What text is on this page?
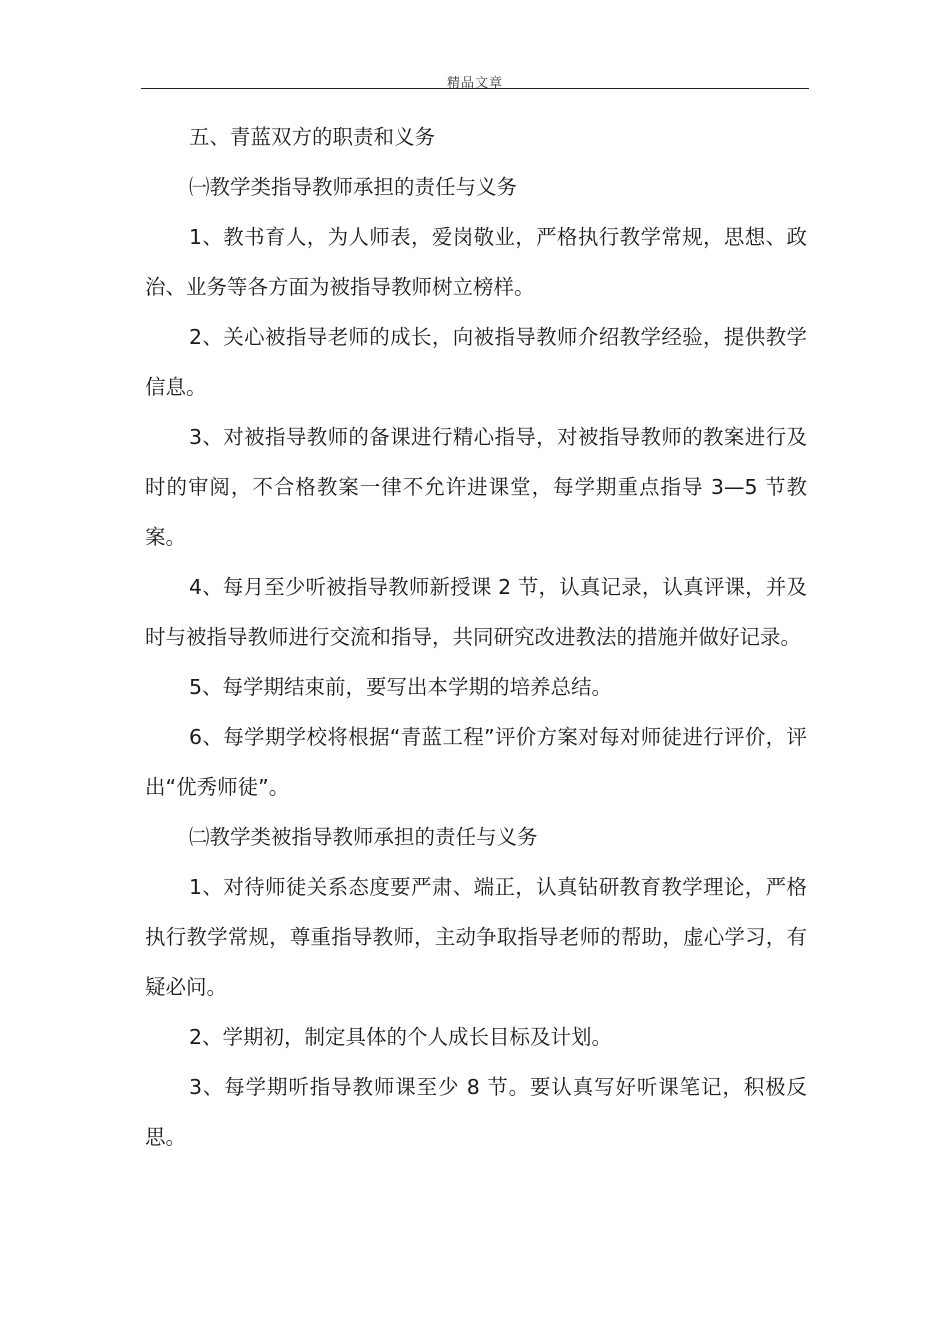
精品文章

五、青蓝双方的职责和义务

㈠教学类指导教师承担的责任与义务

1、教书育人，为人师表，爱岗敬业，严格执行教学常规，思想、政治、业务等各方面为被指导教师树立榜样。

2、关心被指导老师的成长，向被指导教师介绍教学经验，提供教学信息。

3、对被指导教师的备课进行精心指导，对被指导教师的教案进行及时的审阅，不合格教案一律不允许进课堂，每学期重点指导 3—5 节教案。

4、每月至少听被指导教师新授课 2 节，认真记录，认真评课，并及时与被指导教师进行交流和指导，共同研究改进教法的措施并做好记录。

5、每学期结束前，要写出本学期的培养总结。

6、每学期学校将根据“青蓝工程”评价方案对每对师徒进行评价，评出“优秀师徒”。

㈡教学类被指导教师承担的责任与义务

1、对待师徒关系态度要严肃、端正，认真钻研教育教学理论，严格执行教学常规，尊重指导教师，主动争取指导老师的帮助，虚心学习，有疑必问。

2、学期初，制定具体的个人成长目标及计划。

3、每学期听指导教师课至少 8 节。要认真写好听课笔记，积极反思。
